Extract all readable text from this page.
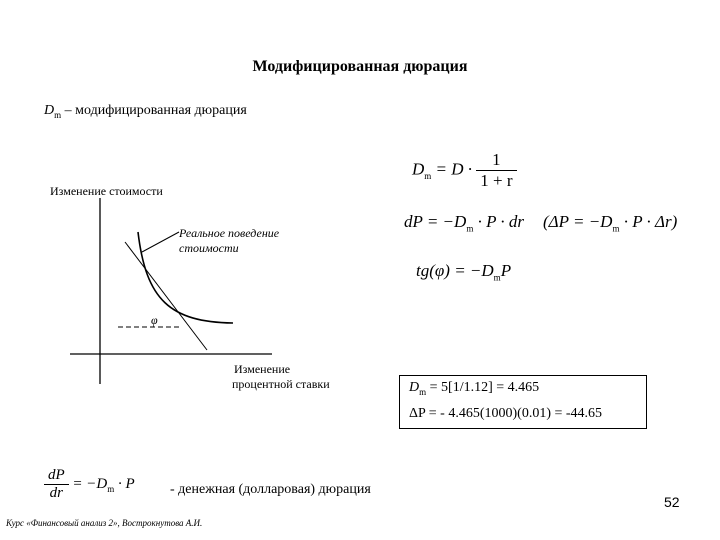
Модифицированная дюрация
$D_m$ – модифицированная дюрация
Изменение стоимости
Реальное поведение
стоимости
φ
Изменение
процентной ставки
$D_m = D \cdot \frac{1}{1 + r}$
dP = $-D_m \cdot P$ · dr $(\Delta P = -D_m \cdot P \cdot \Delta r)$
$tg(\varphi) = -D_mP$
$D_m = 5[1/1.12] = 4.465$
ΔP = - 4.465(1000)(0.01) = -44.65
$\frac{dP}{dr} = -D_m \cdot P$	- денежная (долларовая) дюрация
Курс «Финансовый анализ 2», Вострокнутова А.И.
52
